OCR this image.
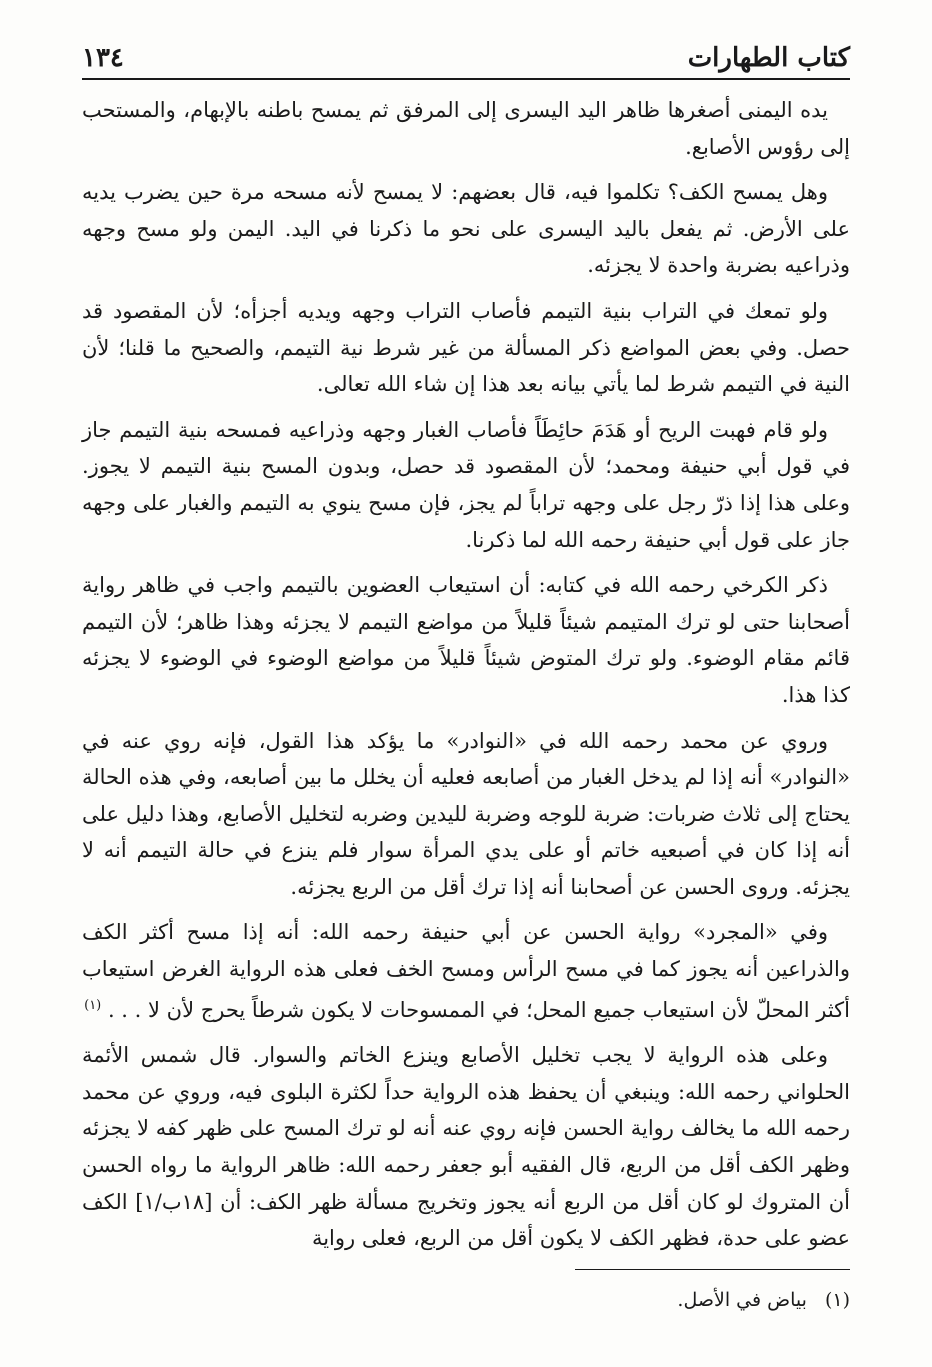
كتاب الطهارات
١٣٤

يده اليمنى أصغرها ظاهر اليد اليسرى إلى المرفق ثم يمسح باطنه بالإبهام، والمستحب إلى رؤوس الأصابع.

وهل يمسح الكف؟ تكلموا فيه، قال بعضهم: لا يمسح لأنه مسحه مرة حين يضرب يديه على الأرض. ثم يفعل باليد اليسرى على نحو ما ذكرنا في اليد. اليمن ولو مسح وجهه وذراعيه بضربة واحدة لا يجزئه.

ولو تمعك في التراب بنية التيمم فأصاب التراب وجهه ويديه أجزأه؛ لأن المقصود قد حصل. وفي بعض المواضع ذكر المسألة من غير شرط نية التيمم، والصحيح ما قلنا؛ لأن النية في التيمم شرط لما يأتي بيانه بعد هذا إن شاء الله تعالى.

ولو قام فهبت الريح أو هَدَمَ حائِطَاً فأصاب الغبار وجهه وذراعيه فمسحه بنية التيمم جاز في قول أبي حنيفة ومحمد؛ لأن المقصود قد حصل، وبدون المسح بنية التيمم لا يجوز. وعلى هذا إذا ذرّ رجل على وجهه تراباً لم يجز، فإن مسح ينوي به التيمم والغبار على وجهه جاز على قول أبي حنيفة رحمه الله لما ذكرنا.

ذكر الكرخي رحمه الله في كتابه: أن استيعاب العضوين بالتيمم واجب في ظاهر رواية أصحابنا حتى لو ترك المتيمم شيئاً قليلاً من مواضع التيمم لا يجزئه وهذا ظاهر؛ لأن التيمم قائم مقام الوضوء. ولو ترك المتوض شيئاً قليلاً من مواضع الوضوء في الوضوء لا يجزئه كذا هذا.

وروي عن محمد رحمه الله في «النوادر» ما يؤكد هذا القول، فإنه روي عنه في «النوادر» أنه إذا لم يدخل الغبار من أصابعه فعليه أن يخلل ما بين أصابعه، وفي هذه الحالة يحتاج إلى ثلاث ضربات: ضربة للوجه وضربة لليدين وضربه لتخليل الأصابع، وهذا دليل على أنه إذا كان في أصبعيه خاتم أو على يدي المرأة سوار فلم ينزع في حالة التيمم أنه لا يجزئه. وروى الحسن عن أصحابنا أنه إذا ترك أقل من الربع يجزئه.

وفي «المجرد» رواية الحسن عن أبي حنيفة رحمه الله: أنه إذا مسح أكثر الكف والذراعين أنه يجوز كما في مسح الرأس ومسح الخف فعلى هذه الرواية الغرض استيعاب أكثر المحلّ لأن استيعاب جميع المحل؛ في الممسوحات لا يكون شرطاً يحرج لأن لا . . . $^{(١)}$

وعلى هذه الرواية لا يجب تخليل الأصابع وينزع الخاتم والسوار. قال شمس الأئمة الحلواني رحمه الله: وينبغي أن يحفظ هذه الرواية حداً لكثرة البلوى فيه، وروي عن محمد رحمه الله ما يخالف رواية الحسن فإنه روي عنه أنه لو ترك المسح على ظهر كفه لا يجزئه وظهر الكف أقل من الربع، قال الفقيه أبو جعفر رحمه الله: ظاهر الرواية ما رواه الحسن أن المتروك لو كان أقل من الربع أنه يجوز وتخريج مسألة ظهر الكف: أن [١٨ب/١] الكف عضو على حدة، فظهر الكف لا يكون أقل من الربع، فعلى رواية

(١) بياض في الأصل.
